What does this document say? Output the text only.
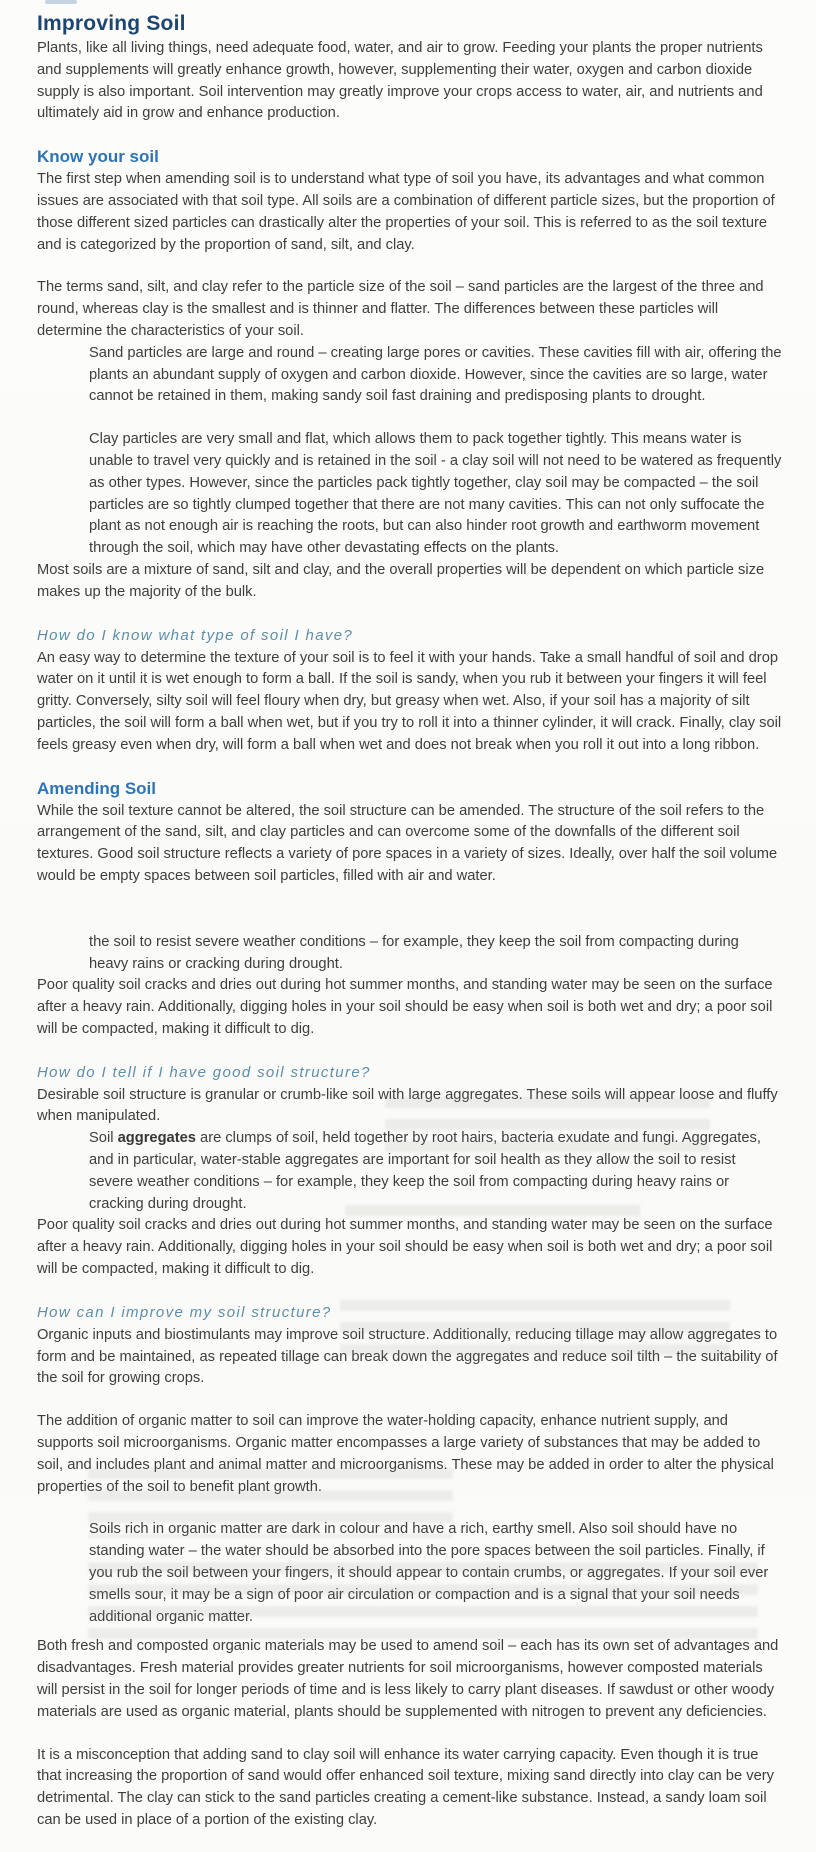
Improving Soil

Plants, like all living things, need adequate food, water, and air to grow. Feeding your plants the proper nutrients and supplements will greatly enhance growth, however, supplementing their water, oxygen and carbon dioxide supply is also important. Soil intervention may greatly improve your crops access to water, air, and nutrients and ultimately aid in grow and enhance production.

Know your soil

The first step when amending soil is to understand what type of soil you have, its advantages and what common issues are associated with that soil type. All soils are a combination of different particle sizes, but the proportion of those different sized particles can drastically alter the properties of your soil. This is referred to as the soil texture and is categorized by the proportion of sand, silt, and clay.

The terms sand, silt, and clay refer to the particle size of the soil – sand particles are the largest of the three and round, whereas clay is the smallest and is thinner and flatter. The differences between these particles will determine the characteristics of your soil.

Sand particles are large and round – creating large pores or cavities. These cavities fill with air, offering the plants an abundant supply of oxygen and carbon dioxide. However, since the cavities are so large, water cannot be retained in them, making sandy soil fast draining and predisposing plants to drought.

Clay particles are very small and flat, which allows them to pack together tightly. This means water is unable to travel very quickly and is retained in the soil - a clay soil will not need to be watered as frequently as other types. However, since the particles pack tightly together, clay soil may be compacted – the soil particles are so tightly clumped together that there are not many cavities. This can not only suffocate the plant as not enough air is reaching the roots, but can also hinder root growth and earthworm movement through the soil, which may have other devastating effects on the plants.

Most soils are a mixture of sand, silt and clay, and the overall properties will be dependent on which particle size makes up the majority of the bulk.

How do I know what type of soil I have?

An easy way to determine the texture of your soil is to feel it with your hands. Take a small handful of soil and drop water on it until it is wet enough to form a ball. If the soil is sandy, when you rub it between your fingers it will feel gritty. Conversely, silty soil will feel floury when dry, but greasy when wet. Also, if your soil has a majority of silt particles, the soil will form a ball when wet, but if you try to roll it into a thinner cylinder, it will crack. Finally, clay soil feels greasy even when dry, will form a ball when wet and does not break when you roll it out into a long ribbon.

Amending Soil

While the soil texture cannot be altered, the soil structure can be amended. The structure of the soil refers to the arrangement of the sand, silt, and clay particles and can overcome some of the downfalls of the different soil textures. Good soil structure reflects a variety of pore spaces in a variety of sizes. Ideally, over half the soil volume would be empty spaces between soil particles, filled with air and water.

the soil to resist severe weather conditions – for example, they keep the soil from compacting during heavy rains or cracking during drought.

Poor quality soil cracks and dries out during hot summer months, and standing water may be seen on the surface after a heavy rain. Additionally, digging holes in your soil should be easy when soil is both wet and dry; a poor soil will be compacted, making it difficult to dig.

How do I tell if I have good soil structure?

Desirable soil structure is granular or crumb-like soil with large aggregates. These soils will appear loose and fluffy when manipulated.

Soil aggregates are clumps of soil, held together by root hairs, bacteria exudate and fungi. Aggregates, and in particular, water-stable aggregates are important for soil health as they allow the soil to resist severe weather conditions – for example, they keep the soil from compacting during heavy rains or cracking during drought.

Poor quality soil cracks and dries out during hot summer months, and standing water may be seen on the surface after a heavy rain. Additionally, digging holes in your soil should be easy when soil is both wet and dry; a poor soil will be compacted, making it difficult to dig.

How can I improve my soil structure?

Organic inputs and biostimulants may improve soil structure. Additionally, reducing tillage may allow aggregates to form and be maintained, as repeated tillage can break down the aggregates and reduce soil tilth – the suitability of the soil for growing crops.

The addition of organic matter to soil can improve the water-holding capacity, enhance nutrient supply, and supports soil microorganisms. Organic matter encompasses a large variety of substances that may be added to soil, and includes plant and animal matter and microorganisms. These may be added in order to alter the physical properties of the soil to benefit plant growth.

Soils rich in organic matter are dark in colour and have a rich, earthy smell. Also soil should have no standing water – the water should be absorbed into the pore spaces between the soil particles. Finally, if you rub the soil between your fingers, it should appear to contain crumbs, or aggregates. If your soil ever smells sour, it may be a sign of poor air circulation or compaction and is a signal that your soil needs additional organic matter.

Both fresh and composted organic materials may be used to amend soil – each has its own set of advantages and disadvantages. Fresh material provides greater nutrients for soil microorganisms, however composted materials will persist in the soil for longer periods of time and is less likely to carry plant diseases. If sawdust or other woody materials are used as organic material, plants should be supplemented with nitrogen to prevent any deficiencies.

It is a misconception that adding sand to clay soil will enhance its water carrying capacity. Even though it is true that increasing the proportion of sand would offer enhanced soil texture, mixing sand directly into clay can be very detrimental. The clay can stick to the sand particles creating a cement-like substance. Instead, a sandy loam soil can be used in place of a portion of the existing clay.
